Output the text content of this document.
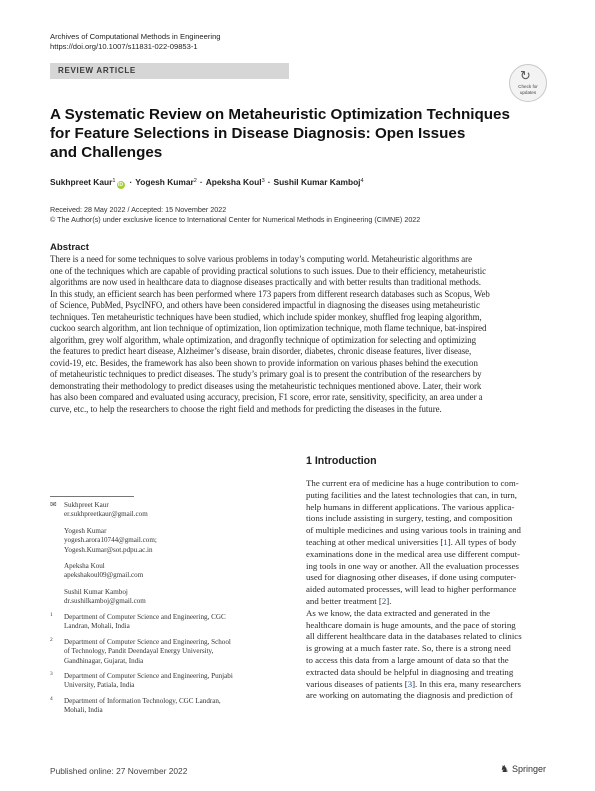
Archives of Computational Methods in Engineering
https://doi.org/10.1007/s11831-022-09853-1
REVIEW ARTICLE	↻
Check for
updates
A Systematic Review on Metaheuristic Optimization Techniques
for Feature Selections in Disease Diagnosis: Open Issues
and Challenges
Sukhpreet Kaur$^1$iD · Yogesh Kumar$^2$ · Apeksha Koul$^3$ · Sushil Kumar Kamboj$^4$
Received: 28 May 2022 / Accepted: 15 November 2022
© The Author(s) under exclusive licence to International Center for Numerical Methods in Engineering (CIMNE) 2022
Abstract
There is a need for some techniques to solve various problems in today’s computing world. Metaheuristic algorithms are
one of the techniques which are capable of providing practical solutions to such issues. Due to their efficiency, metaheuristic
algorithms are now used in healthcare data to diagnose diseases practically and with better results than traditional methods.
In this study, an efficient search has been performed where 173 papers from different research databases such as Scopus, Web
of Science, PubMed, PsycINFO, and others have been considered impactful in diagnosing the diseases using metaheuristic
techniques. Ten metaheuristic techniques have been studied, which include spider monkey, shuffled frog leaping algorithm,
cuckoo search algorithm, ant lion technique of optimization, lion optimization technique, moth flame technique, bat-inspired
algorithm, grey wolf algorithm, whale optimization, and dragonfly technique of optimization for selecting and optimizing
the features to predict heart disease, Alzheimer’s disease, brain disorder, diabetes, chronic disease features, liver disease,
covid-19, etc. Besides, the framework has also been shown to provide information on various phases behind the execution
of metaheuristic techniques to predict diseases. The study’s primary goal is to present the contribution of the researchers by
demonstrating their methodology to predict diseases using the metaheuristic techniques mentioned above. Later, their work
has also been compared and evaluated using accuracy, precision, F1 score, error rate, sensitivity, specificity, an area under a
curve, etc., to help the researchers to choose the right field and methods for predicting the diseases in the future.
1 Introduction
The current era of medicine has a huge contribution to com-
puting facilities and the latest technologies that can, in turn,
help humans in different applications. The various applica-
tions include assisting in surgery, testing, and composition
of multiple medicines and using various tools in training and
teaching at other medical universities [1]. All types of body
examinations done in the medical area use different comput-
ing tools in one way or another. All the evaluation processes
used for diagnosing other diseases, if done using computer-
aided automated processes, will lead to higher performance
and better treatment [2].
As we know, the data extracted and generated in the
healthcare domain is huge amounts, and the pace of storing
all different healthcare data in the databases related to clinics
is growing at a much faster rate. So, there is a strong need
to access this data from a large amount of data so that the
extracted data should be helpful in diagnosing and treating
various diseases of patients [3]. In this era, many researchers
are working on automating the diagnosis and prediction of
✉ Sukhpreet Kaur
er.sukhpreetkaur@gmail.com
Yogesh Kumar
yogesh.arora10744@gmail.com;
Yogesh.Kumar@sot.pdpu.ac.in
Apeksha Koul
apekshakoul09@gmail.com
Sushil Kumar Kamboj
dr.sushilkamboj@gmail.com
1 Department of Computer Science and Engineering, CGC
Landran, Mohali, India
2 Department of Computer Science and Engineering, School
of Technology, Pandit Deendayal Energy University,
Gandhinagar, Gujarat, India
3 Department of Computer Science and Engineering, Punjabi
University, Patiala, India
4 Department of Information Technology, CGC Landran,
Mohali, India
Published online: 27 November 2022	♞ Springer
